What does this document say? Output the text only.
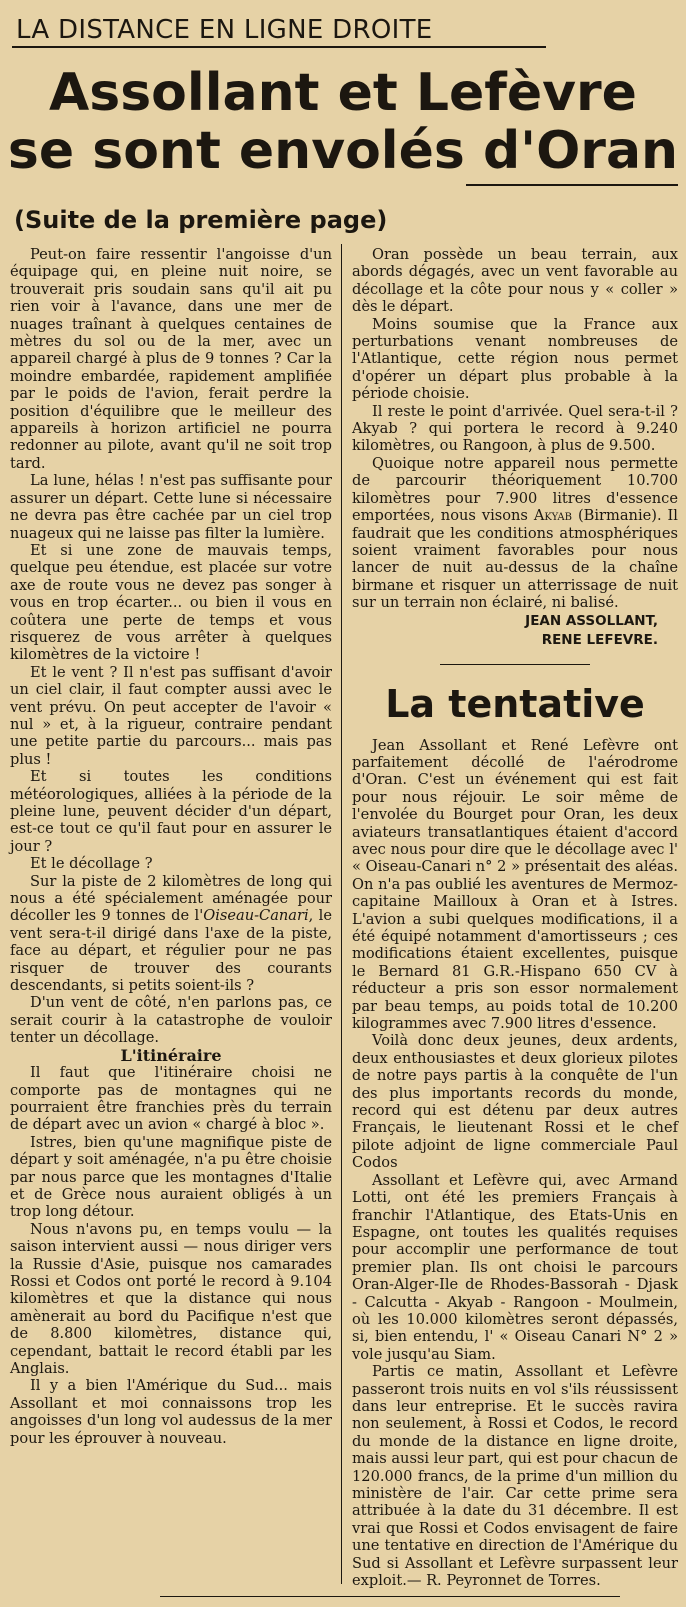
LA DISTANCE EN LIGNE DROITE
Assollant et Lefèvre
se sont envolés d'Oran
(Suite de la première page)

Peut-on faire ressentir l'angoisse d'un équipage qui, en pleine nuit noire, se trouverait pris soudain sans qu'il ait pu rien voir à l'avance, dans une mer de nuages traînant à quelques centaines de mètres du sol ou de la mer, avec un appareil chargé à plus de 9 tonnes ? Car la moindre embardée, rapidement amplifiée par le poids de l'avion, ferait perdre la position d'équilibre que le meilleur des appareils à horizon artificiel ne pourra redonner au pilote, avant qu'il ne soit trop tard.

La lune, hélas ! n'est pas suffisante pour assurer un départ. Cette lune si nécessaire ne devra pas être cachée par un ciel trop nuageux qui ne laisse pas filter la lumière.

Et si une zone de mauvais temps, quelque peu étendue, est placée sur votre axe de route vous ne devez pas songer à vous en trop écarter... ou bien il vous en coûtera une perte de temps et vous risquerez de vous arrêter à quelques kilomètres de la victoire !

Et le vent ? Il n'est pas suffisant d'avoir un ciel clair, il faut compter aussi avec le vent prévu. On peut accepter de l'avoir « nul » et, à la rigueur, contraire pendant une petite partie du parcours... mais pas plus !

Et si toutes les conditions météorologiques, alliées à la période de la pleine lune, peuvent décider d'un départ, est-ce tout ce qu'il faut pour en assurer le jour ?

Et le décollage ?

Sur la piste de 2 kilomètres de long qui nous a été spécialement aménagée pour décoller les 9 tonnes de l'Oiseau-Canari, le vent sera-t-il dirigé dans l'axe de la piste, face au départ, et régulier pour ne pas risquer de trouver des courants descendants, si petits soient-ils ?

D'un vent de côté, n'en parlons pas, ce serait courir à la catastrophe de vouloir tenter un décollage.

L'itinéraire

Il faut que l'itinéraire choisi ne comporte pas de montagnes qui ne pourraient être franchies près du terrain de départ avec un avion « chargé à bloc ».

Istres, bien qu'une magnifique piste de départ y soit aménagée, n'a pu être choisie par nous parce que les montagnes d'Italie et de Grèce nous auraient obligés à un trop long détour.

Nous n'avons pu, en temps voulu — la saison intervient aussi — nous diriger vers la Russie d'Asie, puisque nos camarades Rossi et Codos ont porté le record à 9.104 kilomètres et que la distance qui nous amènerait au bord du Pacifique n'est que de 8.800 kilomètres, distance qui, cependant, battait le record établi par les Anglais.

Il y a bien l'Amérique du Sud... mais Assollant et moi connaissons trop les angoisses d'un long vol audessus de la mer pour les éprouver à nouveau.

Oran possède un beau terrain, aux abords dégagés, avec un vent favorable au décollage et la côte pour nous y « coller » dès le départ.

Moins soumise que la France aux perturbations venant nombreuses de l'Atlantique, cette région nous permet d'opérer un départ plus probable à la période choisie.

Il reste le point d'arrivée. Quel sera-t-il ? Akyab ? qui portera le record à 9.240 kilomètres, ou Rangoon, à plus de 9.500.

Quoique notre appareil nous permette de parcourir théoriquement 10.700 kilomètres pour 7.900 litres d'essence emportées, nous visons Akyab (Birmanie). Il faudrait que les conditions atmosphériques soient vraiment favorables pour nous lancer de nuit au-dessus de la chaîne birmane et risquer un atterrissage de nuit sur un terrain non éclairé, ni balisé.

JEAN ASSOLLANT,
RENE LEFEVRE.
La tentative

Jean Assollant et René Lefèvre ont parfaitement décollé de l'aérodrome d'Oran. C'est un événement qui est fait pour nous réjouir. Le soir même de l'envolée du Bourget pour Oran, les deux aviateurs transatlantiques étaient d'accord avec nous pour dire que le décollage avec l' « Oiseau-Canari n° 2 » présentait des aléas. On n'a pas oublié les aventures de Mermoz-capitaine Mailloux à Oran et à Istres. L'avion a subi quelques modifications, il a été équipé notamment d'amortisseurs ; ces modifications étaient excellentes, puisque le Bernard 81 G.R.-Hispano 650 CV à réducteur a pris son essor normalement par beau temps, au poids total de 10.200 kilogrammes avec 7.900 litres d'essence.

Voilà donc deux jeunes, deux ardents, deux enthousiastes et deux glorieux pilotes de notre pays partis à la conquête de l'un des plus importants records du monde, record qui est détenu par deux autres Français, le lieutenant Rossi et le chef pilote adjoint de ligne commerciale Paul Codos

Assollant et Lefèvre qui, avec Armand Lotti, ont été les premiers Français à franchir l'Atlantique, des Etats-Unis en Espagne, ont toutes les qualités requises pour accomplir une performance de tout premier plan. Ils ont choisi le parcours Oran-Alger-Ile de Rhodes-Bassorah - Djask - Calcutta - Akyab - Rangoon - Moulmein, où les 10.000 kilomètres seront dépassés, si, bien entendu, l' « Oiseau Canari N° 2 » vole jusqu'au Siam.

Partis ce matin, Assollant et Lefèvre passeront trois nuits en vol s'ils réussissent dans leur entreprise. Et le succès ravira non seulement, à Rossi et Codos, le record du monde de la distance en ligne droite, mais aussi leur part, qui est pour chacun de 120.000 francs, de la prime d'un million du ministère de l'air. Car cette prime sera attribuée à la date du 31 décembre. Il est vrai que Rossi et Codos envisagent de faire une tentative en direction de l'Amérique du Sud si Assollant et Lefèvre surpassent leur exploit.— R. Peyronnet de Torres.
